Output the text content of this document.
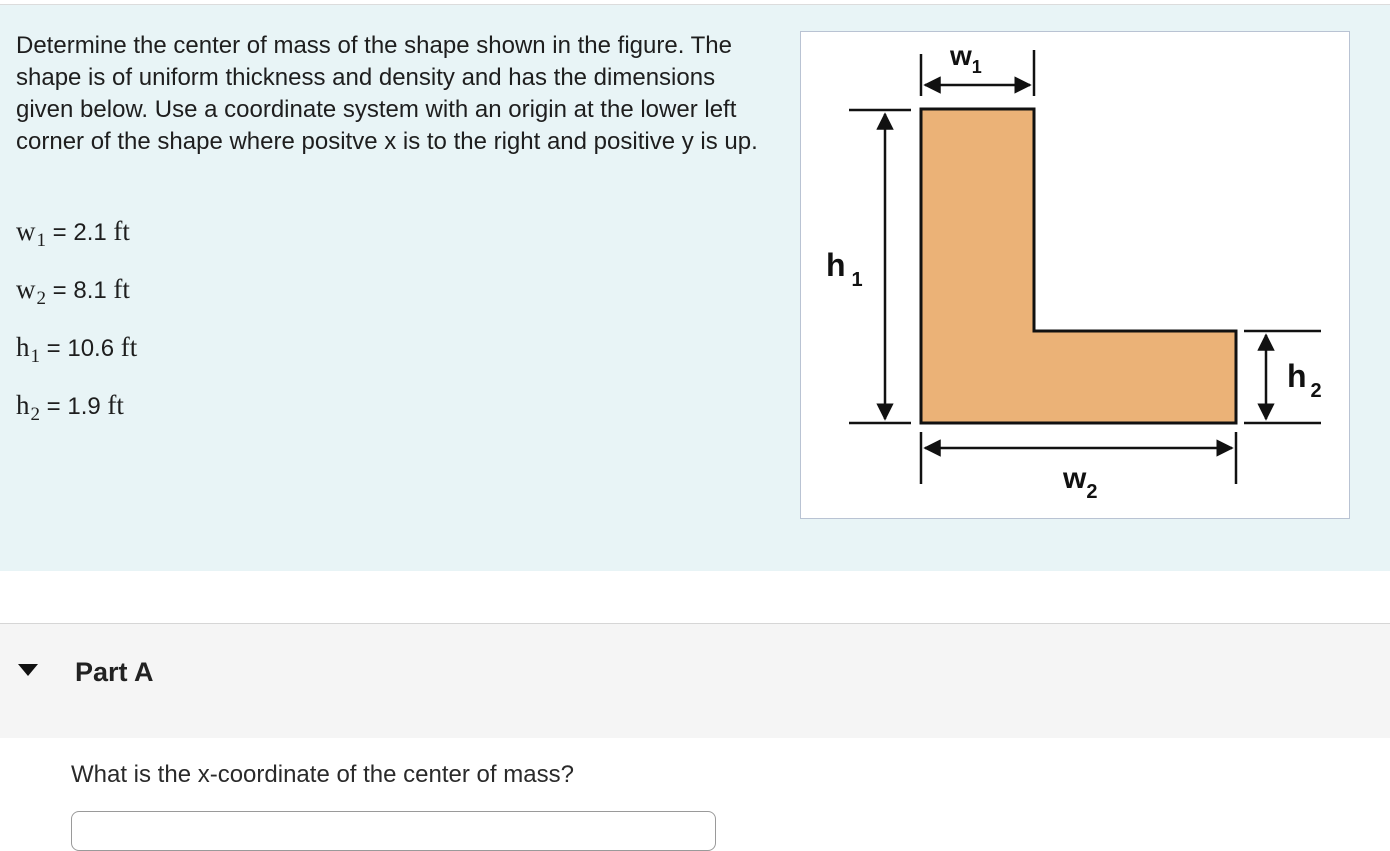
Determine the center of mass of the shape shown in the figure. The shape is of uniform thickness and density and has the dimensions given below. Use a coordinate system with an origin at the lower left corner of the shape where positve x is to the right and positive y is up.

$w_1 = 2.1$ ft
$w_2 = 8.1$ ft
$h_1 = 10.6$ ft
$h_2 = 1.9$ ft
$w_1$
h $_1$
h $_2$
$w_2$
Part A

What is the x-coordinate of the center of mass?
